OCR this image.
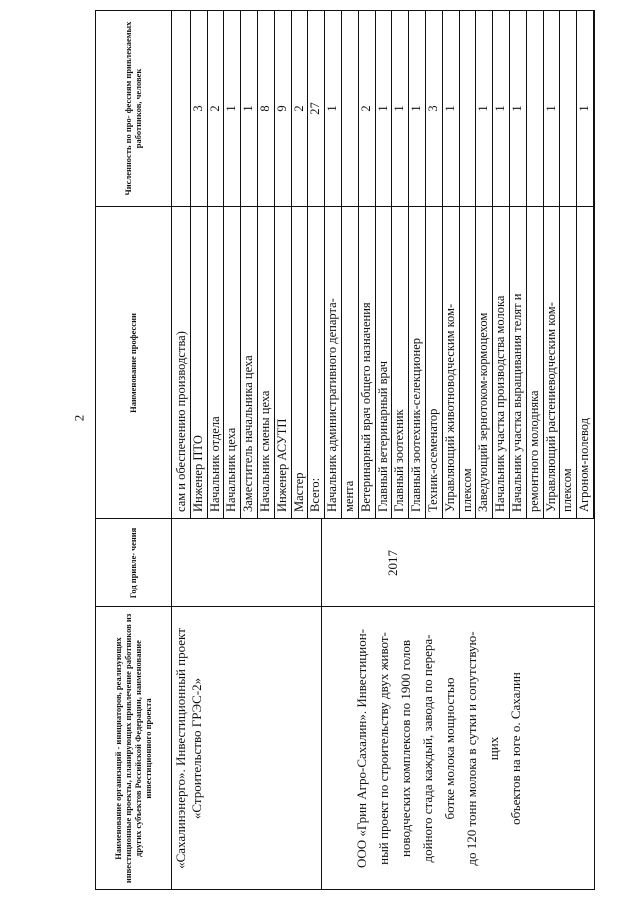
2
Наименование организаций - инициаторов, реализующих инвестиционные проекты, планирующих привлечение работников из других субъектов Российской Федерации, наименование инвестиционного проекта
Год привле- чения
Наименование профессии
Численность по про- фессиям привлекаемых работников, человек
«Сахалинэнерго». Инвестиционный проект «Строительство ГРЭС-2»	ООО «Грин Агро-Сахалин». Инвестицион- ный проект по строительству двух живот- новодческих комплексов по 1900 голов дойного стада каждый, завода по перера- ботке молока мощностью до 120 тонн молока в сутки и сопутствую- щих объектов на юге о. Сахалин
2017
сам и обеспечению производства) Инженер ПТО
3
Начальник отдела
2
Начальник цеха
1
Заместитель начальника цеха
1
Начальник смены цеха
8
Инженер АСУТП
9
Мастер
2
Всего:
27
Начальник административного департа-
1
мента Ветеринарный врач общего назначения
2
Главный ветеринарный врач
1
Главный зоотехник
1
Главный зоотехник-селекционер
1
Техник-осеменатор
3
Управляющий животноводческим ком-
1
плексом Заведующий зернотоком-кормоцехом
1
Начальник участка производства молока
1
Начальник участка выращивания телят и
1
ремонтного молодняка Управляющий растениеводческим ком-
1
плексом Агроном-полевод
1
